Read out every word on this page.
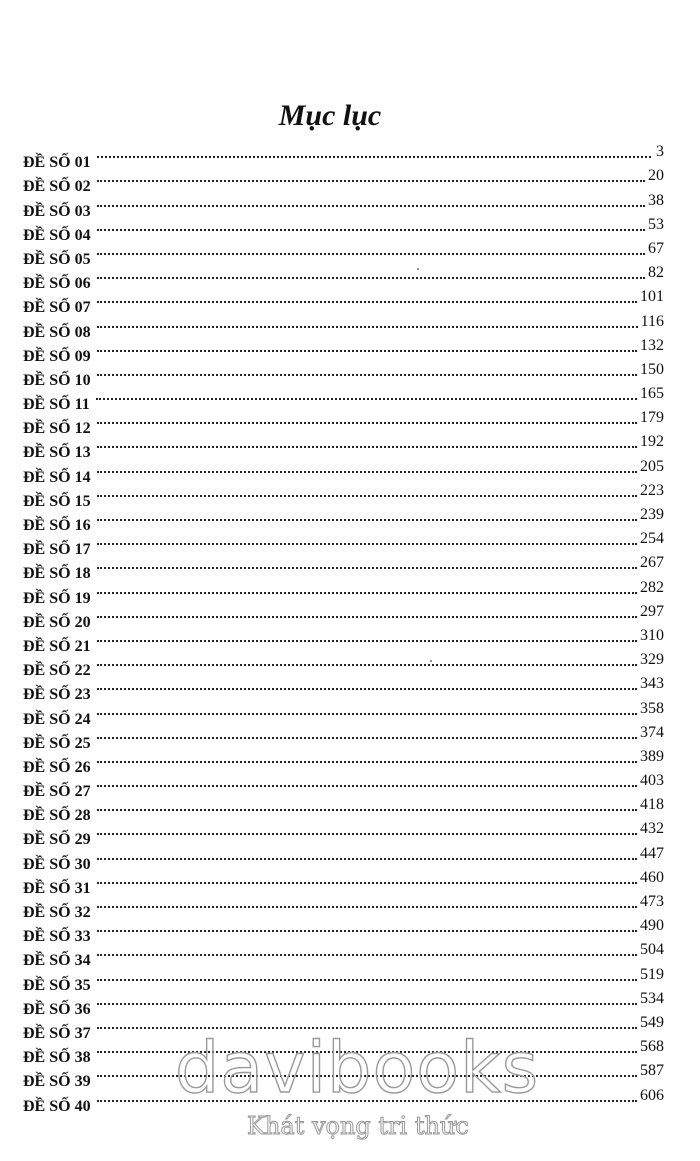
Mục lục
ĐỀ SỐ 01
3
ĐỀ SỐ 02
20
ĐỀ SỐ 03
38
ĐỀ SỐ 04
53
ĐỀ SỐ 05
67
ĐỀ SỐ 06
82
ĐỀ SỐ 07
101
ĐỀ SỐ 08
116
ĐỀ SỐ 09
132
ĐỀ SỐ 10
150
ĐỀ SỐ 11
165
ĐỀ SỐ 12
179
ĐỀ SỐ 13
192
ĐỀ SỐ 14
205
ĐỀ SỐ 15
223
ĐỀ SỐ 16
239
ĐỀ SỐ 17
254
ĐỀ SỐ 18
267
ĐỀ SỐ 19
282
ĐỀ SỐ 20
297
ĐỀ SỐ 21
310
ĐỀ SỐ 22
329
ĐỀ SỐ 23
343
ĐỀ SỐ 24
358
ĐỀ SỐ 25
374
ĐỀ SỐ 26
389
ĐỀ SỐ 27
403
ĐỀ SỐ 28
418
ĐỀ SỐ 29
432
ĐỀ SỐ 30
447
ĐỀ SỐ 31
460
ĐỀ SỐ 32
473
ĐỀ SỐ 33
490
ĐỀ SỐ 34
504
ĐỀ SỐ 35
519
ĐỀ SỐ 36
534
ĐỀ SỐ 37
549
ĐỀ SỐ 38
568
ĐỀ SỐ 39
587
ĐỀ SỐ 40
606
davibooks
Khát vọng tri thức
